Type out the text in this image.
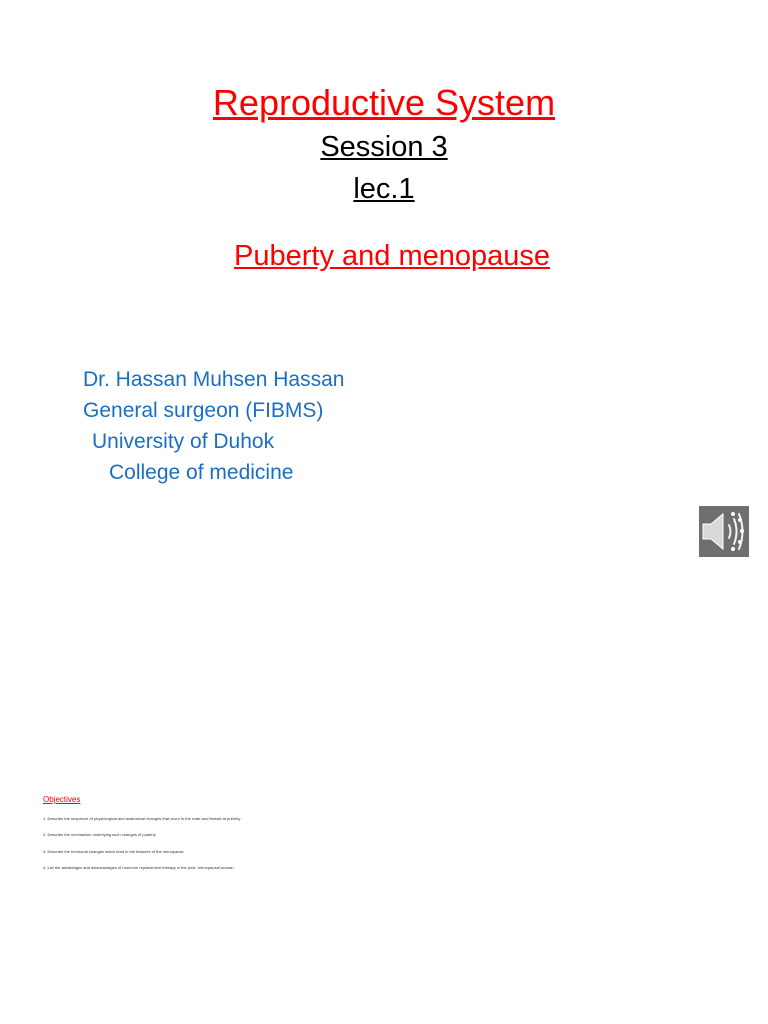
Reproductive System
Session 3
lec.1
Puberty and menopause
Dr. Hassan Muhsen Hassan
General surgeon (FIBMS)
University of Duhok
College of medicine
Objectives
1. Describe the sequence of physiological and anatomical changes that occur in the male and female at puberty
2. Describe the mechanism underlying such changes of puberty
3. Describe the hormonal changes which lead to the features of the menopause
4. List the advantages and disadvantages of hormone replacement therapy in the post- menopausal woman
